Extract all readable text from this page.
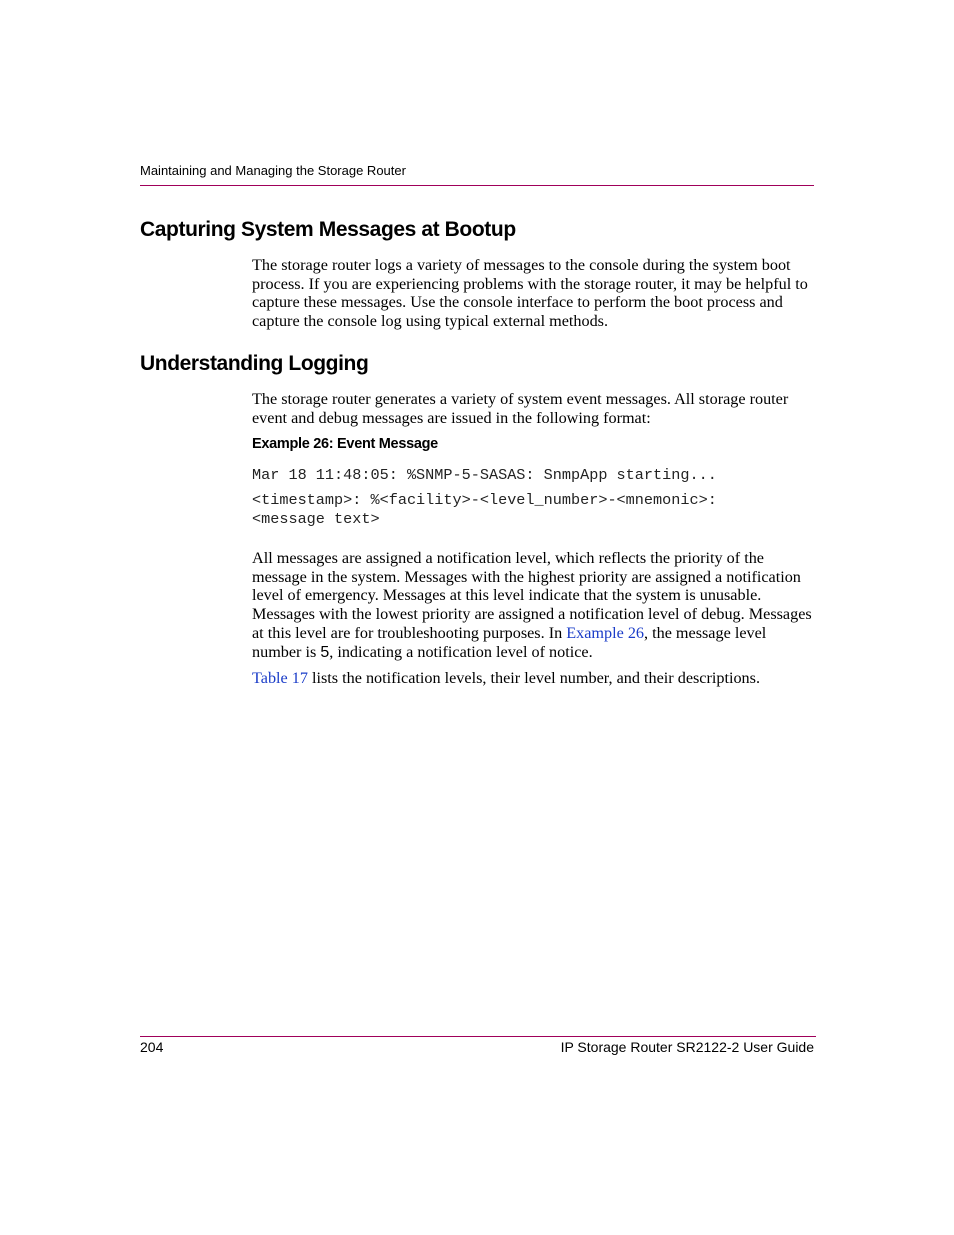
Maintaining and Managing the Storage Router
Capturing System Messages at Bootup

The storage router logs a variety of messages to the console during the system boot process. If you are experiencing problems with the storage router, it may be helpful to capture these messages. Use the console interface to perform the boot process and capture the console log using typical external methods.

Understanding Logging

The storage router generates a variety of system event messages. All storage router event and debug messages are issued in the following format:

Example 26: Event Message
Mar 18 11:48:05: %SNMP-5-SASAS: SnmpApp starting...
<timestamp>: %<facility>-<level_number>-<mnemonic>:
<message text>

All messages are assigned a notification level, which reflects the priority of the message in the system. Messages with the highest priority are assigned a notification level of emergency. Messages at this level indicate that the system is unusable. Messages with the lowest priority are assigned a notification level of debug. Messages at this level are for troubleshooting purposes. In Example 26, the message level number is 5, indicating a notification level of notice.

Table 17 lists the notification levels, their level number, and their descriptions.

204	IP Storage Router SR2122-2 User Guide
